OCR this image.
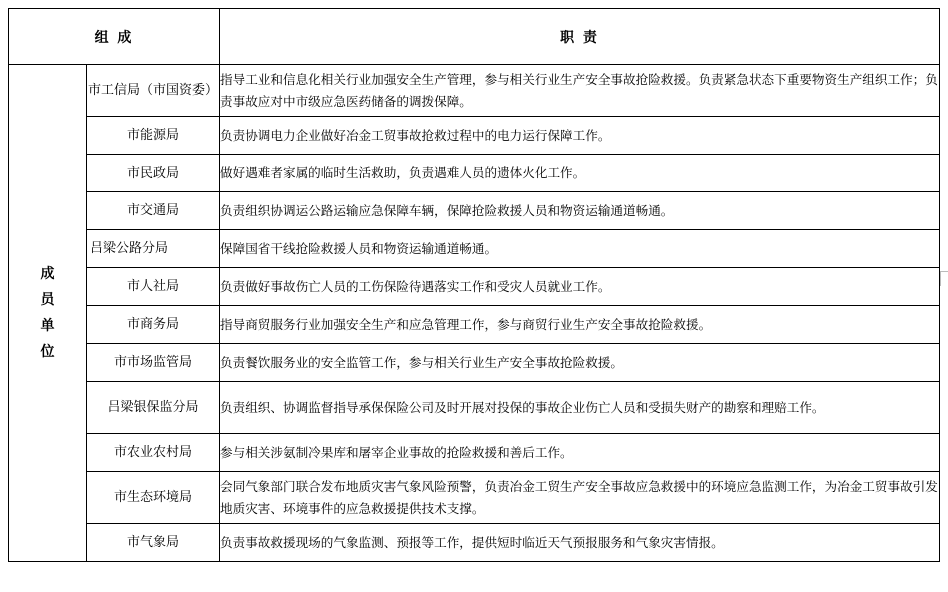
组 成		职 责

成
员
单
位	市工信局（市国资委）	指导工业和信息化相关行业加强安全生产管理，参与相关行业生产安全事故抢险救援。负责紧急状态下重要物资生产组织工作；负责事故应对中市级应急医药储备的调拨保障。
	市能源局	负责协调电力企业做好冶金工贸事故抢救过程中的电力运行保障工作。
	市民政局	做好遇难者家属的临时生活救助，负责遇难人员的遗体火化工作。
	市交通局	负责组织协调运公路运输应急保障车辆，保障抢险救援人员和物资运输通道畅通。
	吕梁公路分局	保障国省干线抢险救援人员和物资运输通道畅通。
	市人社局	负责做好事故伤亡人员的工伤保险待遇落实工作和受灾人员就业工作。
	市商务局	指导商贸服务行业加强安全生产和应急管理工作，参与商贸行业生产安全事故抢险救援。
	市市场监管局	负责餐饮服务业的安全监管工作，参与相关行业生产安全事故抢险救援。
	吕梁银保监分局	负责组织、协调监督指导承保保险公司及时开展对投保的事故企业伤亡人员和受损失财产的勘察和理赔工作。
	市农业农村局	参与相关涉氨制冷果库和屠宰企业事故的抢险救援和善后工作。
	市生态环境局	会同气象部门联合发布地质灾害气象风险预警，负责冶金工贸生产安全事故应急救援中的环境应急监测工作，为冶金工贸事故引发地质灾害、环境事件的应急救援提供技术支撑。
	市气象局	负责事故救援现场的气象监测、预报等工作，提供短时临近天气预报服务和气象灾害情报。
